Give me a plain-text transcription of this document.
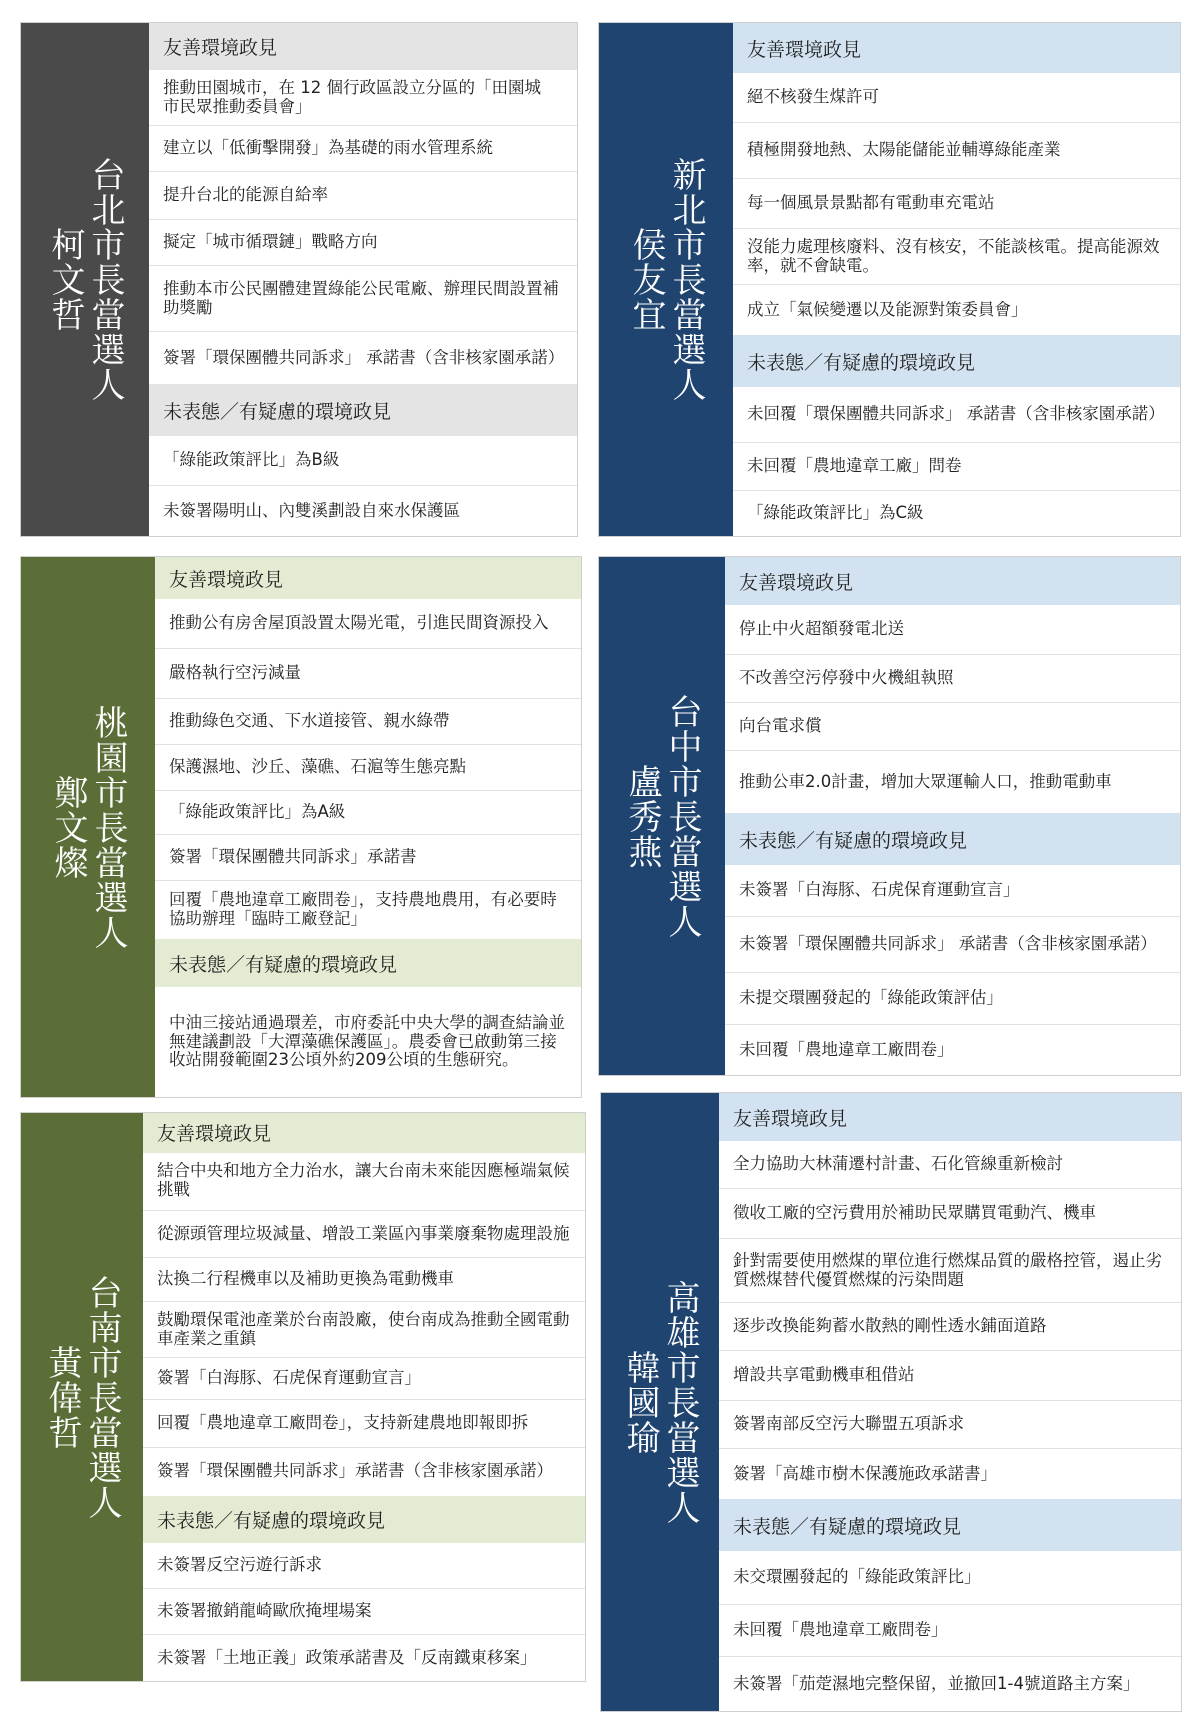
柯文哲 台北市長當選人
友善環境政見
推動田園城市，在 12 個行政區設立分區的「田園城　市民眾推動委員會」
建立以「低衝擊開發」為基礎的雨水管理系統
提升台北的能源自給率
擬定「城市循環鏈」戰略方向
推動本市公民團體建置綠能公民電廠、辦理民間設置補助獎勵
簽署「環保團體共同訴求」 承諾書（含非核家園承諾）
未表態／有疑慮的環境政見
「綠能政策評比」為B級
未簽署陽明山、內雙溪劃設自來水保護區
侯友宜 新北市長當選人
友善環境政見
絕不核發生煤許可
積極開發地熱、太陽能儲能並輔導綠能產業
每一個風景景點都有電動車充電站
沒能力處理核廢料、沒有核安，不能談核電。提高能源效率，就不會缺電。
成立「氣候變遷以及能源對策委員會」
未表態／有疑慮的環境政見
未回覆「環保團體共同訴求」 承諾書（含非核家園承諾）
未回覆「農地違章工廠」問卷
「綠能政策評比」為C級
鄭文燦 桃園市長當選人
友善環境政見
推動公有房舍屋頂設置太陽光電，引進民間資源投入
嚴格執行空污減量
推動綠色交通、下水道接管、親水綠帶
保護濕地、沙丘、藻礁、石滬等生態亮點
「綠能政策評比」為A級
簽署「環保團體共同訴求」承諾書
回覆「農地違章工廠問卷」，支持農地農用，有必要時協助辦理「臨時工廠登記」
未表態／有疑慮的環境政見
中油三接站通過環差，市府委託中央大學的調查結論並無建議劃設「大潭藻礁保護區」。農委會已啟動第三接收站開發範圍23公頃外約209公頃的生態研究。
盧秀燕 台中市長當選人
友善環境政見
停止中火超額發電北送
不改善空污停發中火機組執照
向台電求償
推動公車2.0計畫，增加大眾運輸人口，推動電動車
未表態／有疑慮的環境政見
未簽署「白海豚、石虎保育運動宣言」
未簽署「環保團體共同訴求」 承諾書（含非核家園承諾）
未提交環團發起的「綠能政策評估」
未回覆「農地違章工廠問卷」
黃偉哲 台南市長當選人
友善環境政見
結合中央和地方全力治水，讓大台南未來能因應極端氣候挑戰
從源頭管理垃圾減量、增設工業區內事業廢棄物處理設施
汰換二行程機車以及補助更換為電動機車
鼓勵環保電池產業於台南設廠，使台南成為推動全國電動車產業之重鎮
簽署「白海豚、石虎保育運動宣言」
回覆「農地違章工廠問卷」，支持新建農地即報即拆
簽署「環保團體共同訴求」承諾書（含非核家園承諾）
未表態／有疑慮的環境政見
未簽署反空污遊行訴求
未簽署撤銷龍崎歐欣掩埋場案
未簽署「土地正義」政策承諾書及「反南鐵東移案」
韓國瑜 高雄市長當選人
友善環境政見
全力協助大林蒲遷村計畫、石化管線重新檢討
徵收工廠的空污費用於補助民眾購買電動汽、機車
針對需要使用燃煤的單位進行燃煤品質的嚴格控管，遏止劣質燃煤替代優質燃煤的污染問題
逐步改換能夠蓄水散熱的剛性透水鋪面道路
增設共享電動機車租借站
簽署南部反空污大聯盟五項訴求
簽署「高雄市樹木保護施政承諾書」
未表態／有疑慮的環境政見
未交環團發起的「綠能政策評比」
未回覆「農地違章工廠問卷」
未簽署「茄萣濕地完整保留，並撤回1-4號道路主方案」
